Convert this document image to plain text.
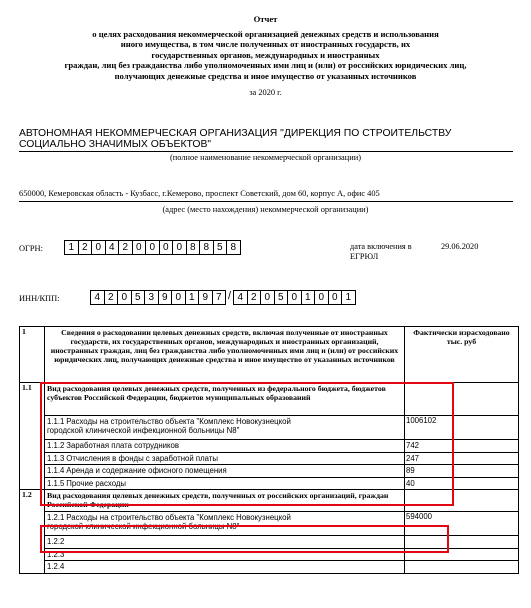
Отчет
о целях расходования некоммерческой организацией денежных средств и использования
иного имущества, в том числе полученных от иностранных государств, их
государственных органов, международных и иностранных
граждан, лиц без гражданства либо уполномоченных ими лиц и (или) от российских юридических лиц,
получающих денежные средства и иное имущество от указанных источников
за 2020 г.
АВТОНОМНАЯ НЕКОММЕРЧЕСКАЯ ОРГАНИЗАЦИЯ "ДИРЕКЦИЯ ПО СТРОИТЕЛЬСТВУ
СОЦИАЛЬНО ЗНАЧИМЫХ ОБЪЕКТОВ"
(полное наименование некоммерческой организации)
650000, Кемеровская область - Кузбасс, г.Кемерово, проспект Советский, дом 60, корпус А, офис 405
(адрес (место нахождения) некоммерческой организации)
ОГРН:	1 2 0 4 2 0 0 0 0 8 8 5 8	дата включения в
ЕГРЮЛ
29.06.2020
ИНН/КПП:	4 2 0 5 3 9 0 1 9 7 / 4 2 0 5 0 1 0 0 1
1	Сведения о расходовании целевых денежных средств, включая полученные от иностранных государств, их государственных органов, международных и иностранных организаций, иностранных граждан, лиц без гражданства либо уполномоченных ими лиц и (или) от российских юридических лиц, получающих денежные средства и иное имущество от указанных источников	Фактически израсходовано тыс. руб
1.1	Вид расходования целевых денежных средств, полученных из федерального бюджета, бюджетов субъектов Российской Федерации, бюджетов муниципальных образований	
	1.1.1 Расходы на строительство объекта "Комплекс Новокузнецкой
городской клинической инфекционной больницы N8"	1006102
	1.1.2 Заработная плата сотрудников	742
	1.1.3 Отчисления в фонды с заработной платы	247
	1.1.4 Аренда и содержание офисного помещения	89
	1.1.5 Прочие расходы	40
1.2	Вид расходования целевых денежных средств, полученных от российских организаций, граждан Российской Федерации	
	1.2.1 Расходы на строительство объекта "Комплекс Новокузнецкой
городской клинической инфекционной больницы N8"	594000
	1.2.2	
	1.2.3	
	1.2.4	
